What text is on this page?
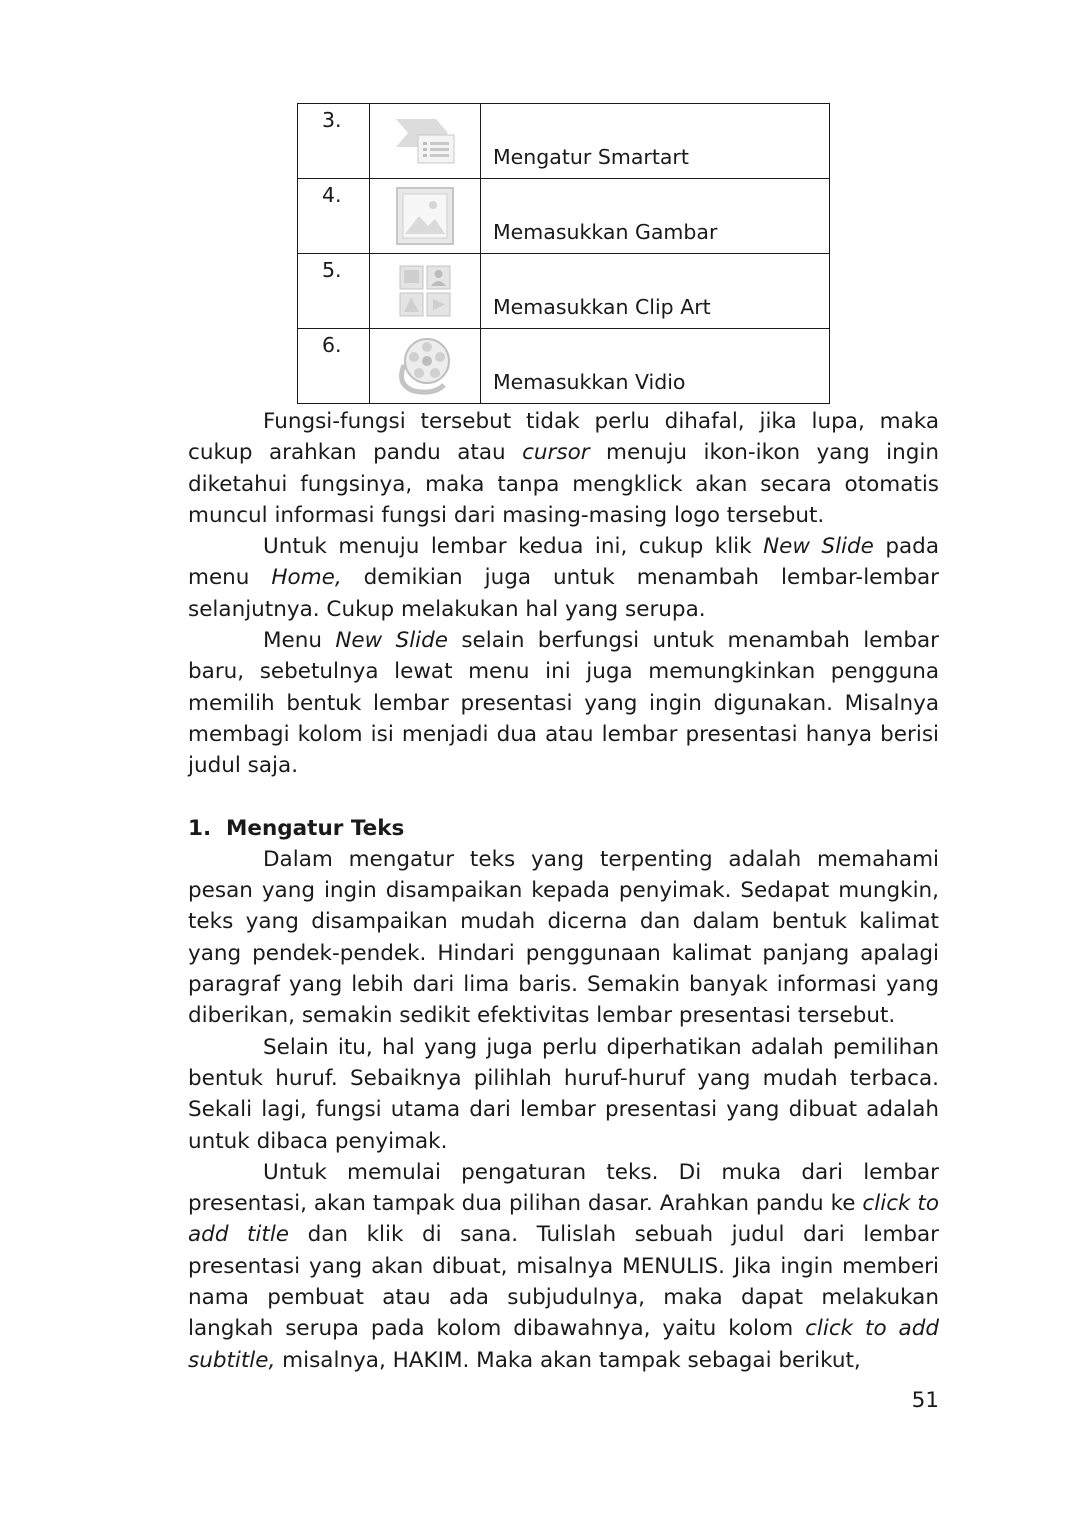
3.		Mengatur Smartart
4.		Memasukkan Gambar
5.		Memasukkan Clip Art
6.		Memasukkan Vidio

Fungsi-fungsi tersebut tidak perlu dihafal, jika lupa, maka cukup arahkan pandu atau cursor menuju ikon-ikon yang ingin diketahui fungsinya, maka tanpa mengklick akan secara otomatis muncul informasi fungsi dari masing-masing logo tersebut.

Untuk menuju lembar kedua ini, cukup klik New Slide pada menu Home, demikian juga untuk menambah lembar-lembar selanjutnya. Cukup melakukan hal yang serupa.

Menu New Slide selain berfungsi untuk menambah lembar baru, sebetulnya lewat menu ini juga memungkinkan pengguna memilih bentuk lembar presentasi yang ingin digunakan. Misalnya membagi kolom isi menjadi dua atau lembar presentasi hanya berisi judul saja.

1. Mengatur Teks

Dalam mengatur teks yang terpenting adalah memahami pesan yang ingin disampaikan kepada penyimak. Sedapat mungkin, teks yang disampaikan mudah dicerna dan dalam bentuk kalimat yang pendek-pendek. Hindari penggunaan kalimat panjang apalagi paragraf yang lebih dari lima baris. Semakin banyak informasi yang diberikan, semakin sedikit efektivitas lembar presentasi tersebut.

Selain itu, hal yang juga perlu diperhatikan adalah pemilihan bentuk huruf. Sebaiknya pilihlah huruf-huruf yang mudah terbaca. Sekali lagi, fungsi utama dari lembar presentasi yang dibuat adalah untuk dibaca penyimak.

Untuk memulai pengaturan teks. Di muka dari lembar presentasi, akan tampak dua pilihan dasar. Arahkan pandu ke click to add title dan klik di sana. Tulislah sebuah judul dari lembar presentasi yang akan dibuat, misalnya MENULIS. Jika ingin memberi nama pembuat atau ada subjudulnya, maka dapat melakukan langkah serupa pada kolom dibawahnya, yaitu kolom click to add subtitle, misalnya, HAKIM. Maka akan tampak sebagai berikut,

51
